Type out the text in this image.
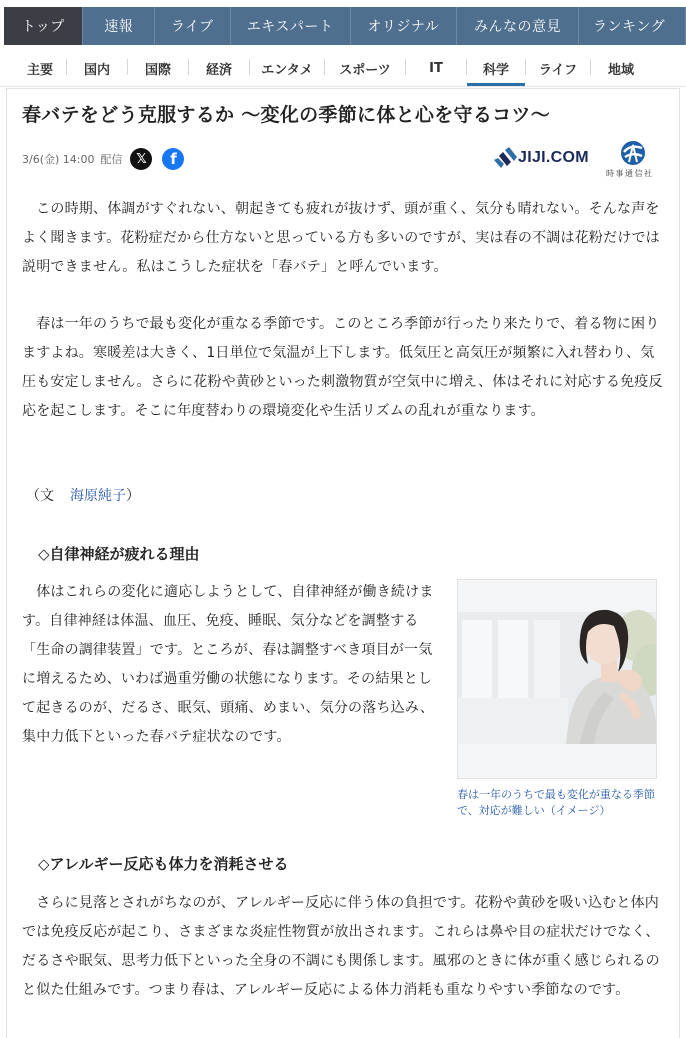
トップ	速報	ライブ	エキスパート	オリジナル	みんなの意見	ランキング
主要	国内	国際	経済	エンタメ	スポーツ	IT	科学	ライフ	地域
春バテをどう克服するか 〜変化の季節に体と心を守るコツ〜
3/6(金) 14:00 配信	𝕏	f	JIJI.COM
時事通信社

　この時期、体調がすぐれない、朝起きても疲れが抜けず、頭が重く、気分も晴れない。そんな声をよく聞きます。花粉症だから仕方ないと思っている方も多いのですが、実は春の不調は花粉だけでは説明できません。私はこうした症状を「春バテ」と呼んでいます。

　春は一年のうちで最も変化が重なる季節です。このところ季節が行ったり来たりで、着る物に困りますよね。寒暖差は大きく、1日単位で気温が上下します。低気圧と高気圧が頻繁に入れ替わり、気圧も安定しません。さらに花粉や黄砂といった刺激物質が空気中に増え、体はそれに対応する免疫反応を起こします。そこに年度替わりの環境変化や生活リズムの乱れが重なります。

（文 海原純子）

◇自律神経が疲れる理由

　体はこれらの変化に適応しようとして、自律神経が働き続けます。自律神経は体温、血圧、免疫、睡眠、気分などを調整する「生命の調律装置」です。ところが、春は調整すべき項目が一気に増えるため、いわば過重労働の状態になります。その結果として起きるのが、だるさ、眠気、頭痛、めまい、気分の落ち込み、集中力低下といった春バテ症状なのです。

春は一年のうちで最も変化が重なる季節で、対応が難しい（イメージ）

◇アレルギー反応も体力を消耗させる

　さらに見落とされがちなのが、アレルギー反応に伴う体の負担です。花粉や黄砂を吸い込むと体内では免疫反応が起こり、さまざまな炎症性物質が放出されます。これらは鼻や目の症状だけでなく、だるさや眠気、思考力低下といった全身の不調にも関係します。風邪のときに体が重く感じられるのと似た仕組みです。つまり春は、アレルギー反応による体力消耗も重なりやすい季節なのです。
